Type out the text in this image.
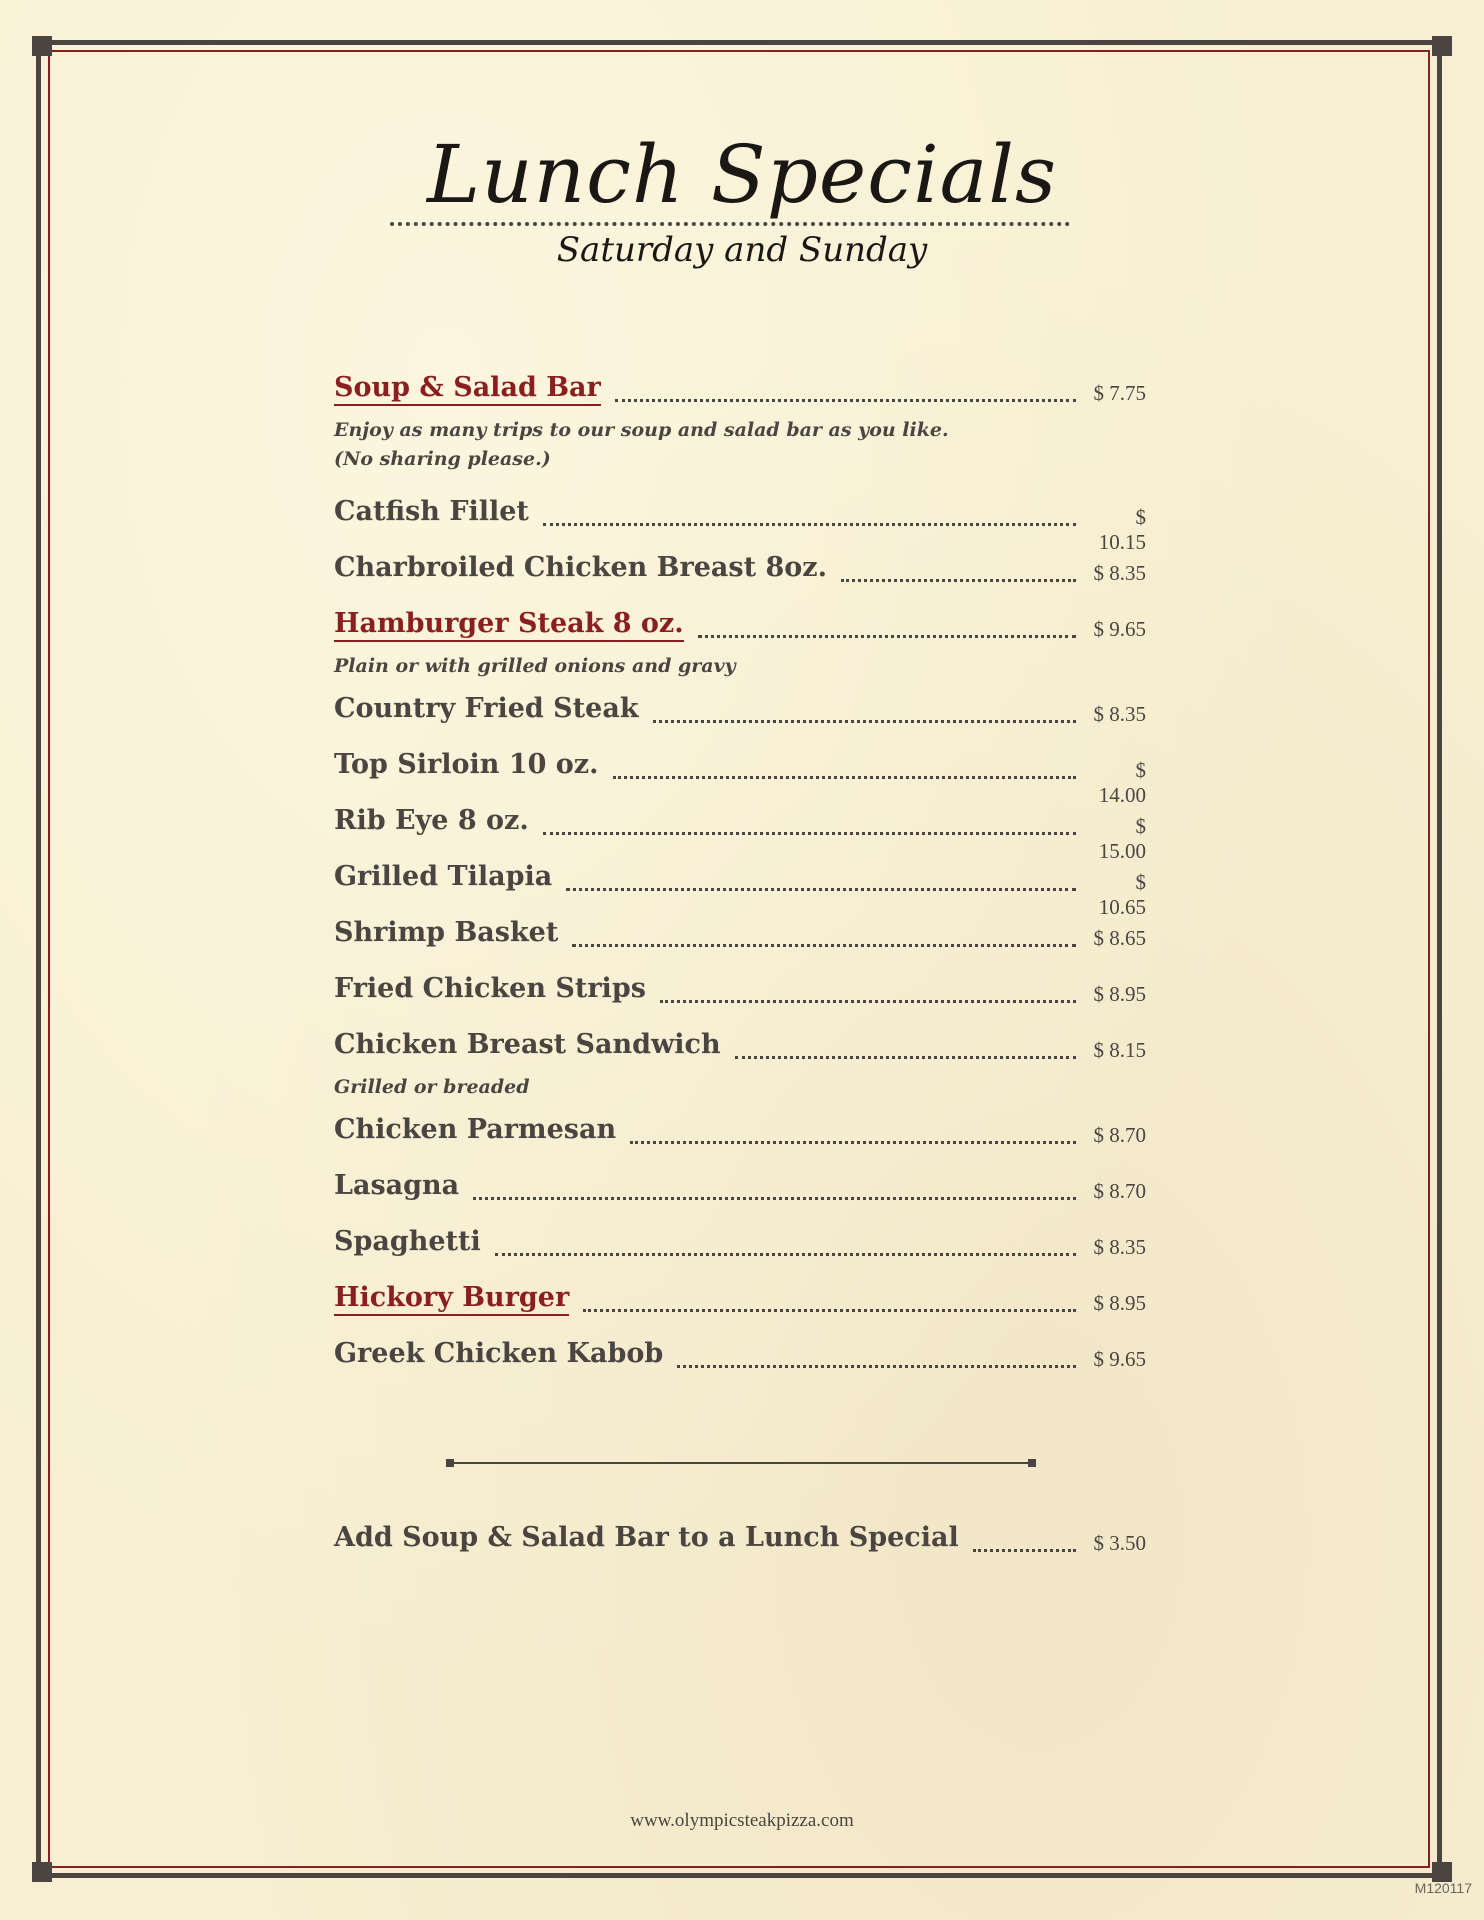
Lunch Specials
Saturday and Sunday
Soup & Salad Bar	$ 7.75
Enjoy as many trips to our soup and salad bar as you like.
(No sharing please.)
Catfish Fillet	$ 10.15
Charbroiled Chicken Breast 8oz.	$ 8.35
Hamburger Steak 8 oz.	$ 9.65
Plain or with grilled onions and gravy
Country Fried Steak	$ 8.35
Top Sirloin 10 oz.	$ 14.00
Rib Eye 8 oz.	$ 15.00
Grilled Tilapia	$ 10.65
Shrimp Basket	$ 8.65
Fried Chicken Strips	$ 8.95
Chicken Breast Sandwich	$ 8.15
Grilled or breaded
Chicken Parmesan	$ 8.70
Lasagna	$ 8.70
Spaghetti	$ 8.35
Hickory Burger	$ 8.95
Greek Chicken Kabob	$ 9.65
Add Soup & Salad Bar to a Lunch Special	$ 3.50
www.olympicsteakpizza.com
M120117
